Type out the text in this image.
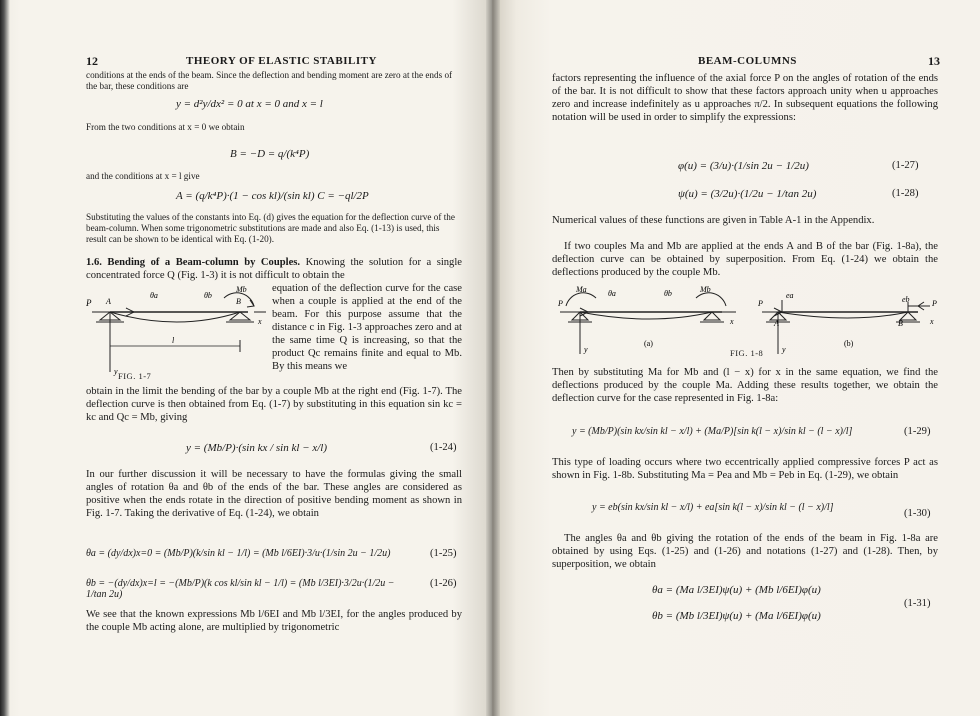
12	THEORY OF ELASTIC STABILITY
conditions at the ends of the beam. Since the deflection and bending moment are zero at the ends of the bar, these conditions are
y = d²y/dx² = 0 at x = 0 and x = l
From the two conditions at x = 0 we obtain
B = −D = q/(k⁴P)
and the conditions at x = l give
A = (q/k⁴P)·(1 − cos kl)/(sin kl) C = −ql/2P
Substituting the values of the constants into Eq. (d) gives the equation for the deflection curve of the beam-column. When some trigonometric substitutions are made and also Eq. (1-13) is used, this result can be shown to be identical with Eq. (1-20).
1.6. Bending of a Beam-column by Couples. Knowing the solution for a single concentrated force Q (Fig. 1-3) it is not difficult to obtain the
P A	B
θa	θb
Mb
x
y
l
FIG. 1-7
equation of the deflection curve for the case when a couple is applied at the end of the beam. For this purpose assume that the distance c in Fig. 1-3 approaches zero and at the same time Q is increasing, so that the product Qc remains finite and equal to Mb. By this means we
obtain in the limit the bending of the bar by a couple Mb at the right end (Fig. 1-7). The deflection curve is then obtained from Eq. (1-7) by substituting in this equation sin kc = kc and Qc = Mb, giving
y = (Mb/P)·(sin kx / sin kl − x/l)	(1-24)
In our further discussion it will be necessary to have the formulas giving the small angles of rotation θa and θb of the ends of the bar. These angles are considered as positive when the ends rotate in the direction of positive bending moment as shown in Fig. 1-7. Taking the derivative of Eq. (1-24), we obtain
θa = (dy/dx)x=0 = (Mb/P)(k/sin kl − 1/l) = (Mb l/6EI)·3/u·(1/sin 2u − 1/2u)	(1-25)
θb = −(dy/dx)x=l = −(Mb/P)(k cos kl/sin kl − 1/l) = (Mb l/3EI)·3/2u·(1/2u − 1/tan 2u)
(1-26)
We see that the known expressions Mb l/6EI and Mb l/3EI, for the angles produced by the couple Mb acting alone, are multiplied by trigonometric
BEAM-COLUMNS	13
factors representing the influence of the axial force P on the angles of rotation of the ends of the bar. It is not difficult to show that these factors approach unity when u approaches zero and increase indefinitely as u approaches π/2. In subsequent equations the following notation will be used in order to simplify the expressions:
φ(u) = (3/u)·(1/sin 2u − 1/2u)	(1-27)
ψ(u) = (3/2u)·(1/2u − 1/tan 2u)	(1-28)
Numerical values of these functions are given in Table A-1 in the Appendix.
If two couples Ma and Mb are applied at the ends A and B of the bar (Fig. 1-8a), the deflection curve can be obtained by superposition. From Eq. (1-24) we obtain the deflections produced by the couple Mb.
P
Ma	θa	θb	Mb
y
x
(a)
P
ea
A
eb
B
P
y
x
(b)
FIG. 1-8
Then by substituting Ma for Mb and (l − x) for x in the same equation, we find the deflections produced by the couple Ma. Adding these results together, we obtain the deflection curve for the case represented in Fig. 1-8a:
y = (Mb/P)(sin kx/sin kl − x/l) + (Ma/P)[sin k(l − x)/sin kl − (l − x)/l]	(1-29)
This type of loading occurs where two eccentrically applied compressive forces P act as shown in Fig. 1-8b. Substituting Ma = Pea and Mb = Peb in Eq. (1-29), we obtain
y = eb(sin kx/sin kl − x/l) + ea[sin k(l − x)/sin kl − (l − x)/l]
(1-30)
The angles θa and θb giving the rotation of the ends of the beam in Fig. 1-8a are obtained by using Eqs. (1-25) and (1-26) and notations (1-27) and (1-28). Then, by superposition, we obtain
θa = (Ma l/3EI)ψ(u) + (Mb l/6EI)φ(u)
θb = (Mb l/3EI)ψ(u) + (Ma l/6EI)φ(u)
(1-31)
